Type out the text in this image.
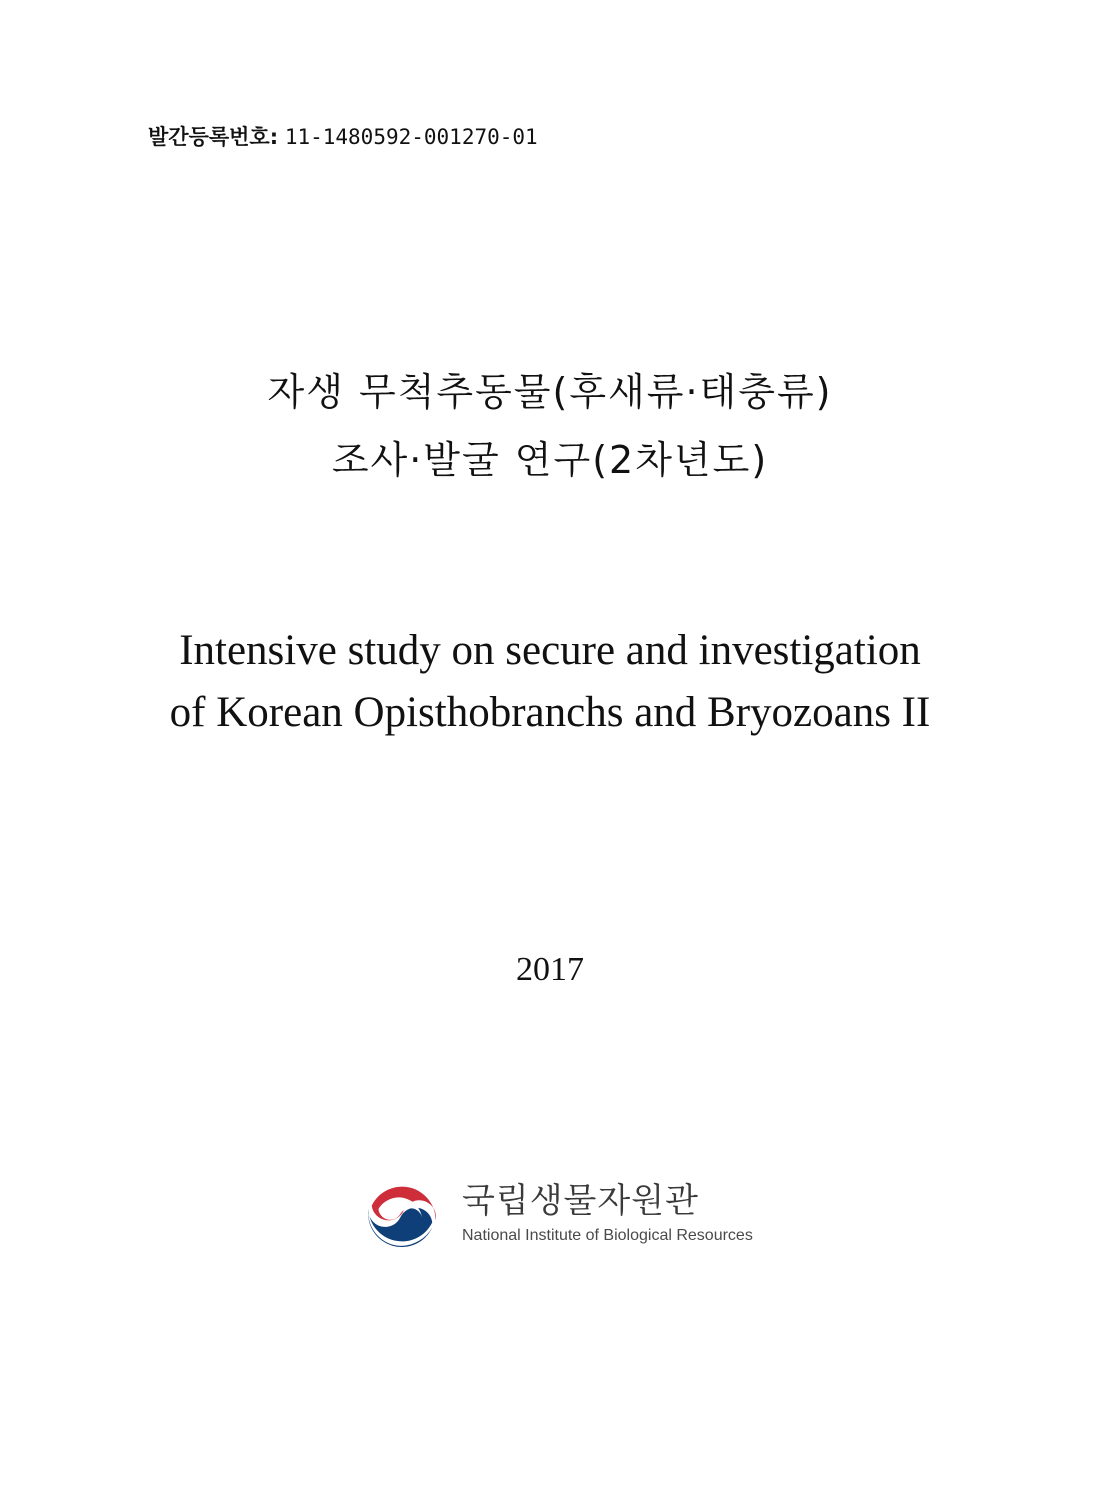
발간등록번호: 11-1480592-001270-01
자생 무척추동물(후새류·태충류)
조사·발굴 연구(2차년도)
Intensive study on secure and investigation
of Korean Opisthobranchs and Bryozoans II
2017
국립생물자원관
National Institute of Biological Resources
